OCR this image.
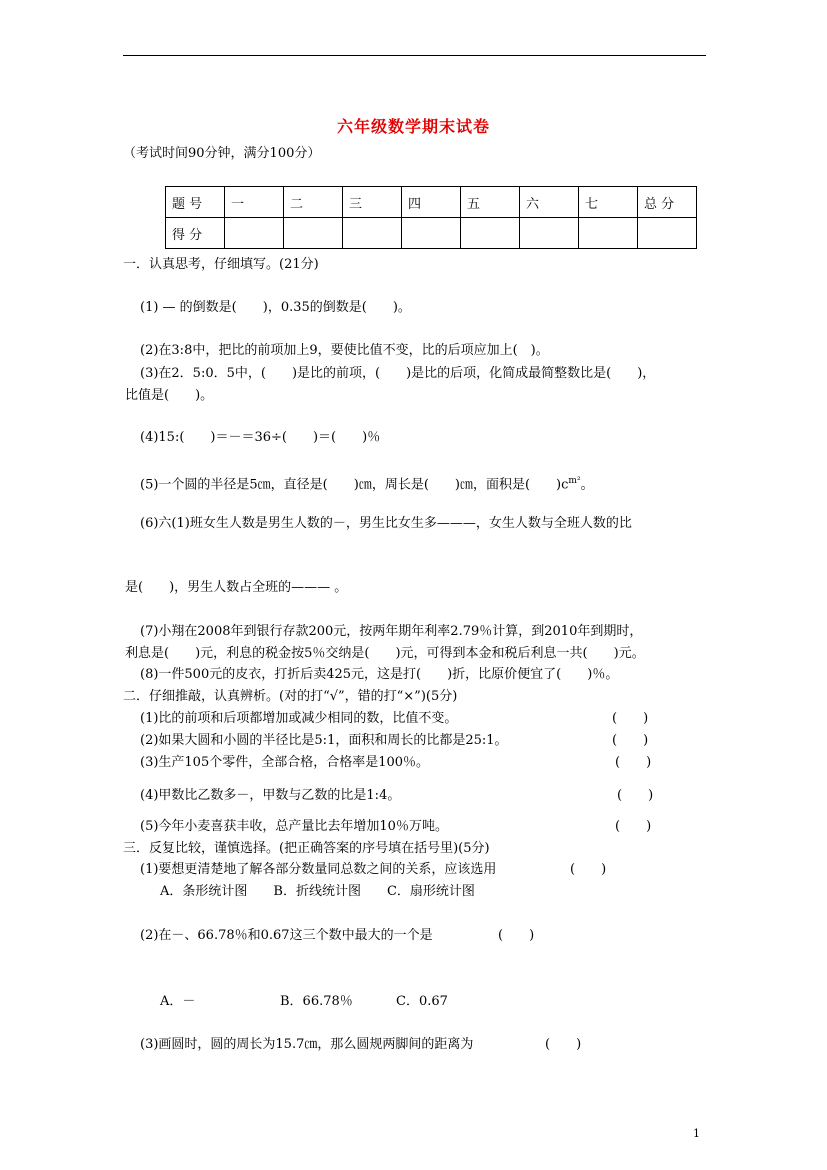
六年级数学期末试卷
（考试时间90分钟，满分100分）
题 号	一	二	三	四	五	六	七	总 分
得 分								
一．认真思考，仔细填写。(21分)
(1) — 的倒数是(　　)，0.35的倒数是(　　)。
(2)在3:8中，把比的前项加上9，要使比值不变，比的后项应加上(　)。
(3)在2．5:0．5中，(　　)是比的前项，(　　)是比的后项，化简成最简整数比是(　　)，
比值是(　　)。
(4)15:(　　)＝－＝36÷(　　)＝(　　)％
(5)一个圆的半径是5㎝，直径是(　　)㎝，周长是(　　)㎝，面积是(　　)$c^{m^2}$。
(6)六(1)班女生人数是男生人数的－，男生比女生多———，女生人数与全班人数的比
是(　　)，男生人数占全班的——— 。
(7)小翔在2008年到银行存款200元，按两年期年利率2.79％计算，到2010年到期时，
利息是(　　)元，利息的税金按5％交纳是(　　)元，可得到本金和税后利息一共(　　)元。
(8)一件500元的皮衣，打折后卖425元，这是打(　　)折，比原价便宜了(　　)％。
二．仔细推敲，认真辨析。(对的打“√”，错的打“×”)(5分)
(1)比的前项和后项都增加或减少相同的数，比值不变。	(　　)
(2)如果大圆和小圆的半径比是5:1，面积和周长的比都是25:1。	(　　)
(3)生产105个零件，全部合格，合格率是100％。	(　　)
(4)甲数比乙数多－，甲数与乙数的比是1:4。	(　　)
(5)今年小麦喜获丰收，总产量比去年增加10％万吨。	(　　)
三．反复比较，谨慎选择。(把正确答案的序号填在括号里)(5分)
(1)要想更清楚地了解各部分数量同总数之间的关系，应该选用	(　　)
A．条形统计图　　B．折线统计图　　C．扇形统计图
(2)在－、66.78％和0.67这三个数中最大的一个是	(　　)
A．－	B．66.78％	C．0.67
(3)画圆时，圆的周长为15.7㎝，那么圆规两脚间的距离为	(　　)
1
